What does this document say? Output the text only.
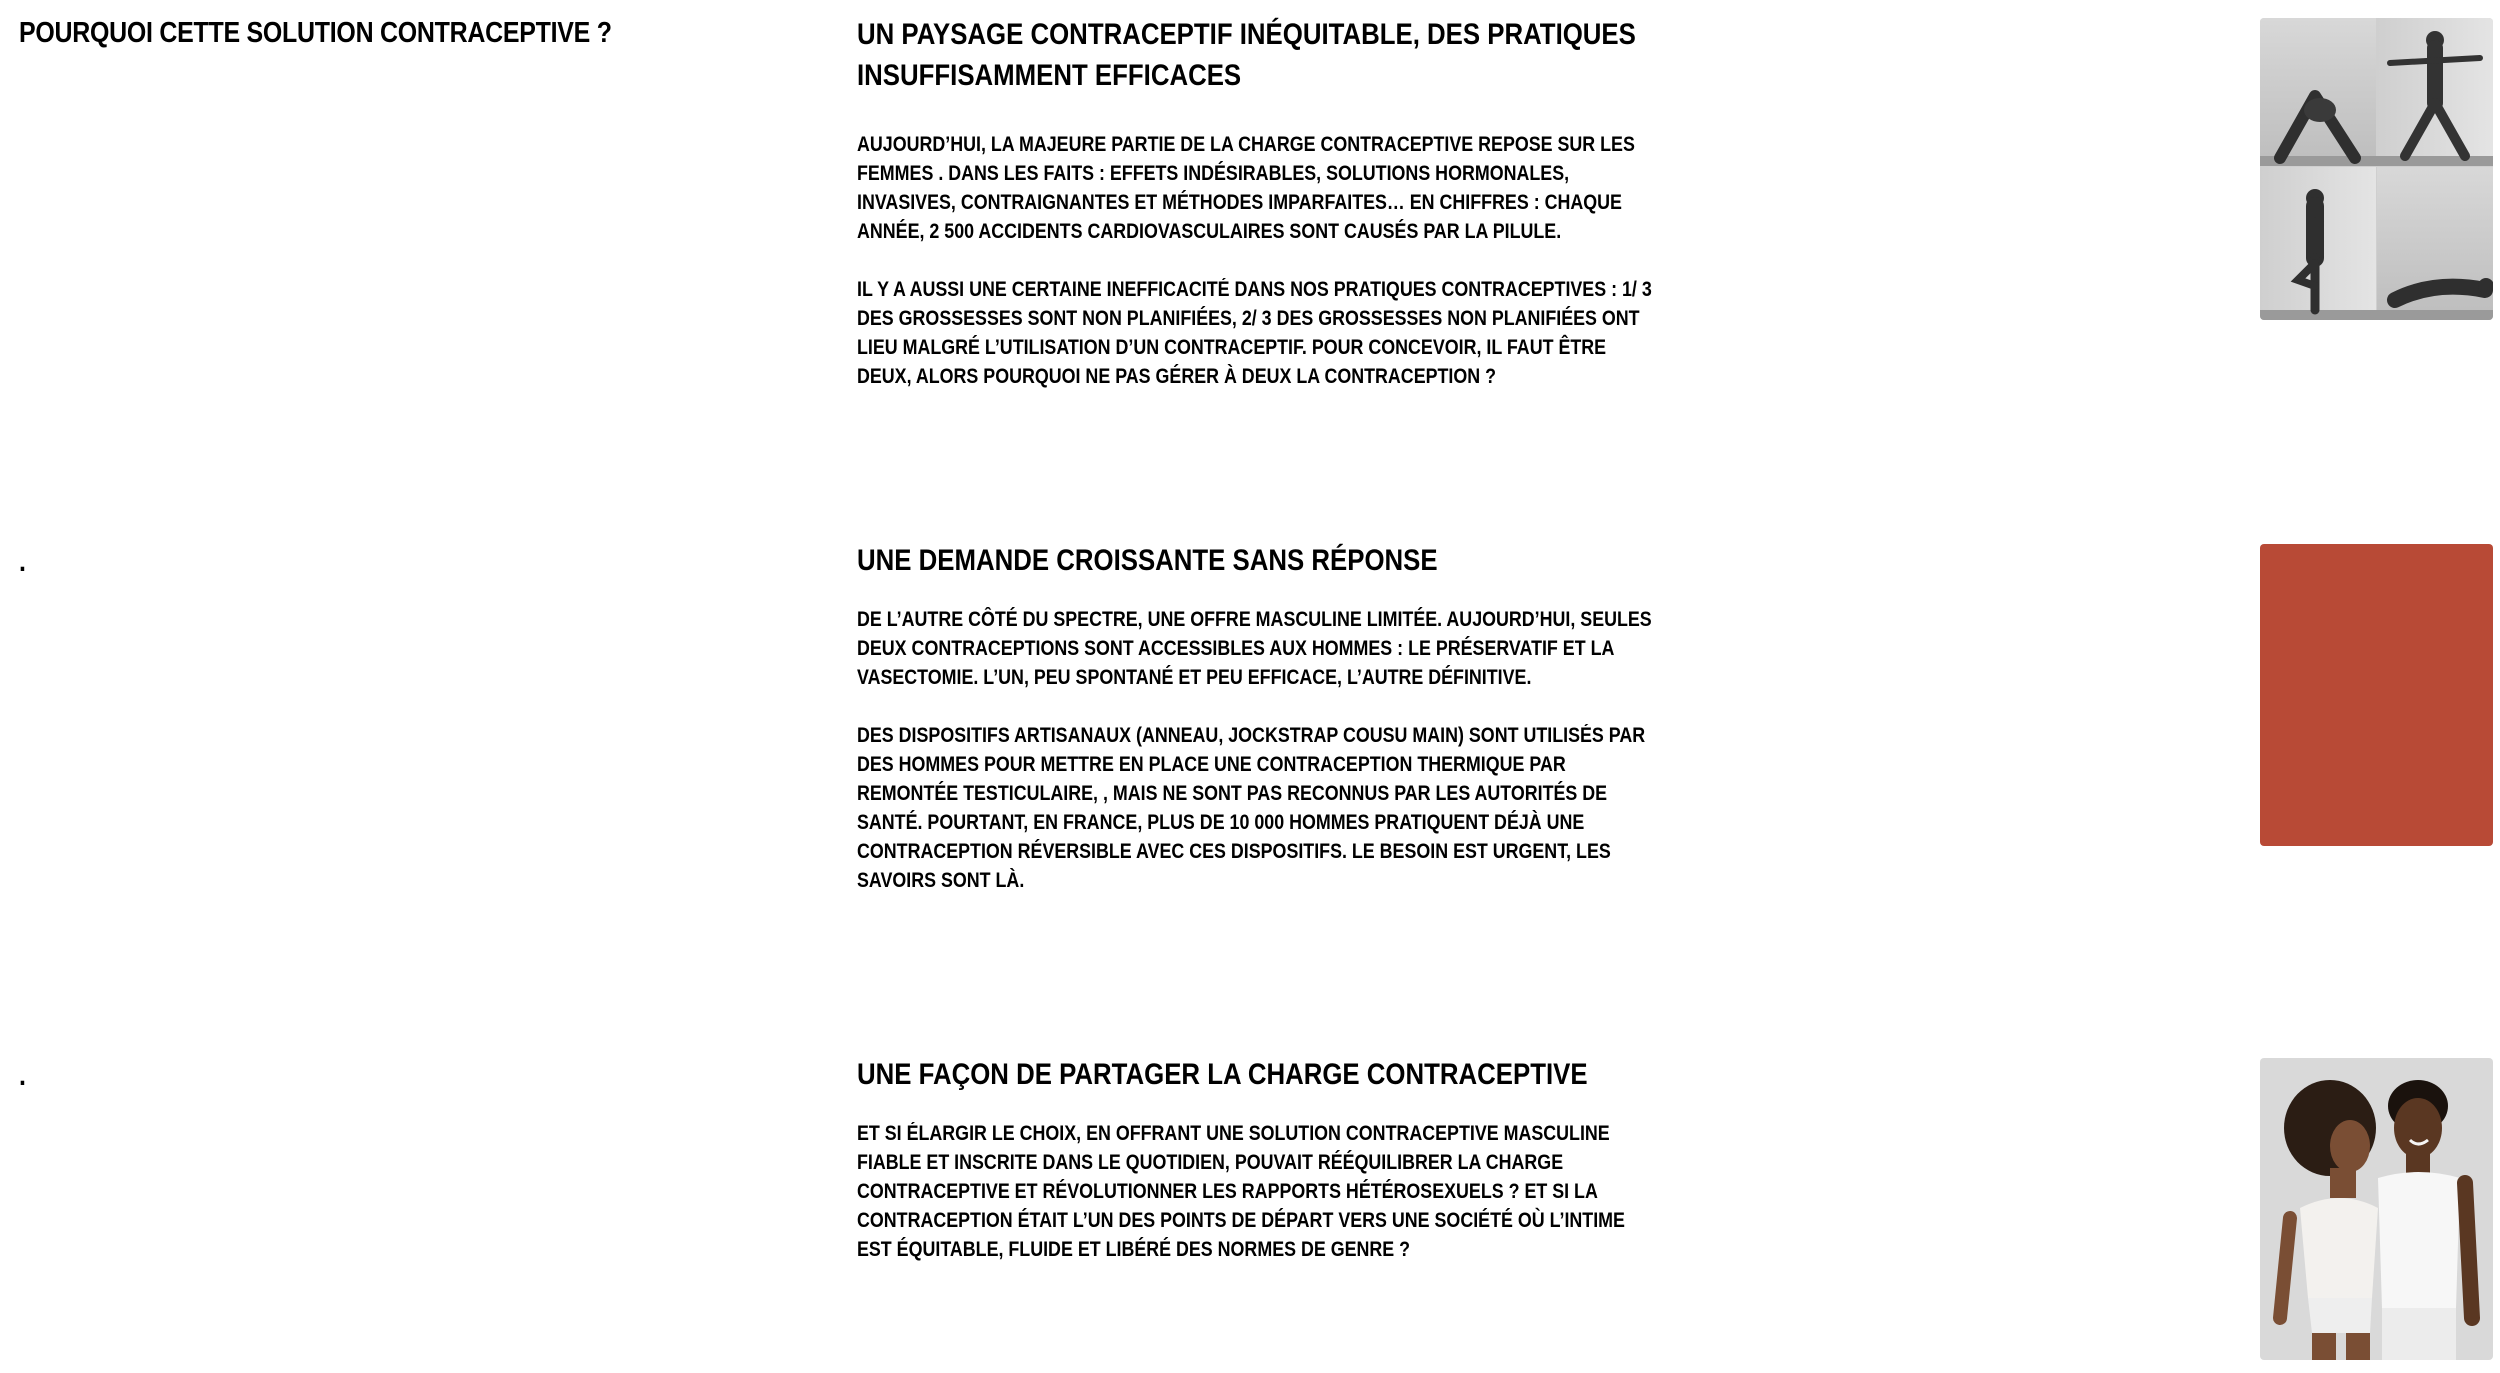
POURQUOI CETTE SOLUTION CONTRACEPTIVE ?
.
.
UN PAYSAGE CONTRACEPTIF INÉQUITABLE, DES PRATIQUES INSUFFISAMMENT EFFICACES

AUJOURD’HUI, LA MAJEURE PARTIE DE LA CHARGE CONTRACEPTIVE REPOSE SUR LES FEMMES . DANS LES FAITS : EFFETS INDÉSIRABLES, SOLUTIONS HORMONALES, INVASIVES, CONTRAIGNANTES ET MÉTHODES IMPARFAITES… EN CHIFFRES : CHAQUE ANNÉE, 2 500 ACCIDENTS CARDIOVASCULAIRES SONT CAUSÉS PAR LA PILULE.

IL Y A AUSSI UNE CERTAINE INEFFICACITÉ DANS NOS PRATIQUES CONTRACEPTIVES : 1/ 3 DES GROSSESSES SONT NON PLANIFIÉES, 2/ 3 DES GROSSESSES NON PLANIFIÉES ONT LIEU MALGRÉ L’UTILISATION D’UN CONTRACEPTIF. POUR CONCEVOIR, IL FAUT ÊTRE DEUX, ALORS POURQUOI NE PAS GÉRER À DEUX LA CONTRACEPTION ?

UNE DEMANDE CROISSANTE SANS RÉPONSE

DE L’AUTRE CÔTÉ DU SPECTRE, UNE OFFRE MASCULINE LIMITÉE. AUJOURD’HUI, SEULES DEUX CONTRACEPTIONS SONT ACCESSIBLES AUX HOMMES : LE PRÉSERVATIF ET LA VASECTOMIE. L’UN, PEU SPONTANÉ ET PEU EFFICACE, L’AUTRE DÉFINITIVE.

DES DISPOSITIFS ARTISANAUX (ANNEAU, JOCKSTRAP COUSU MAIN) SONT UTILISÉS PAR DES HOMMES POUR METTRE EN PLACE UNE CONTRACEPTION THERMIQUE PAR REMONTÉE TESTICULAIRE, , MAIS NE SONT PAS RECONNUS PAR LES AUTORITÉS DE SANTÉ. POURTANT, EN FRANCE, PLUS DE 10 000 HOMMES PRATIQUENT DÉJÀ UNE CONTRACEPTION RÉVERSIBLE AVEC CES DISPOSITIFS. LE BESOIN EST URGENT, LES SAVOIRS SONT LÀ.

UNE FAÇON DE PARTAGER LA CHARGE CONTRACEPTIVE

ET SI ÉLARGIR LE CHOIX, EN OFFRANT UNE SOLUTION CONTRACEPTIVE MASCULINE FIABLE ET INSCRITE DANS LE QUOTIDIEN, POUVAIT RÉÉQUILIBRER LA CHARGE CONTRACEPTIVE ET RÉVOLUTIONNER LES RAPPORTS HÉTÉROSEXUELS ? ET SI LA CONTRACEPTION ÉTAIT L’UN DES POINTS DE DÉPART VERS UNE SOCIÉTÉ OÙ L’INTIME EST ÉQUITABLE, FLUIDE ET LIBÉRÉ DES NORMES DE GENRE ?
